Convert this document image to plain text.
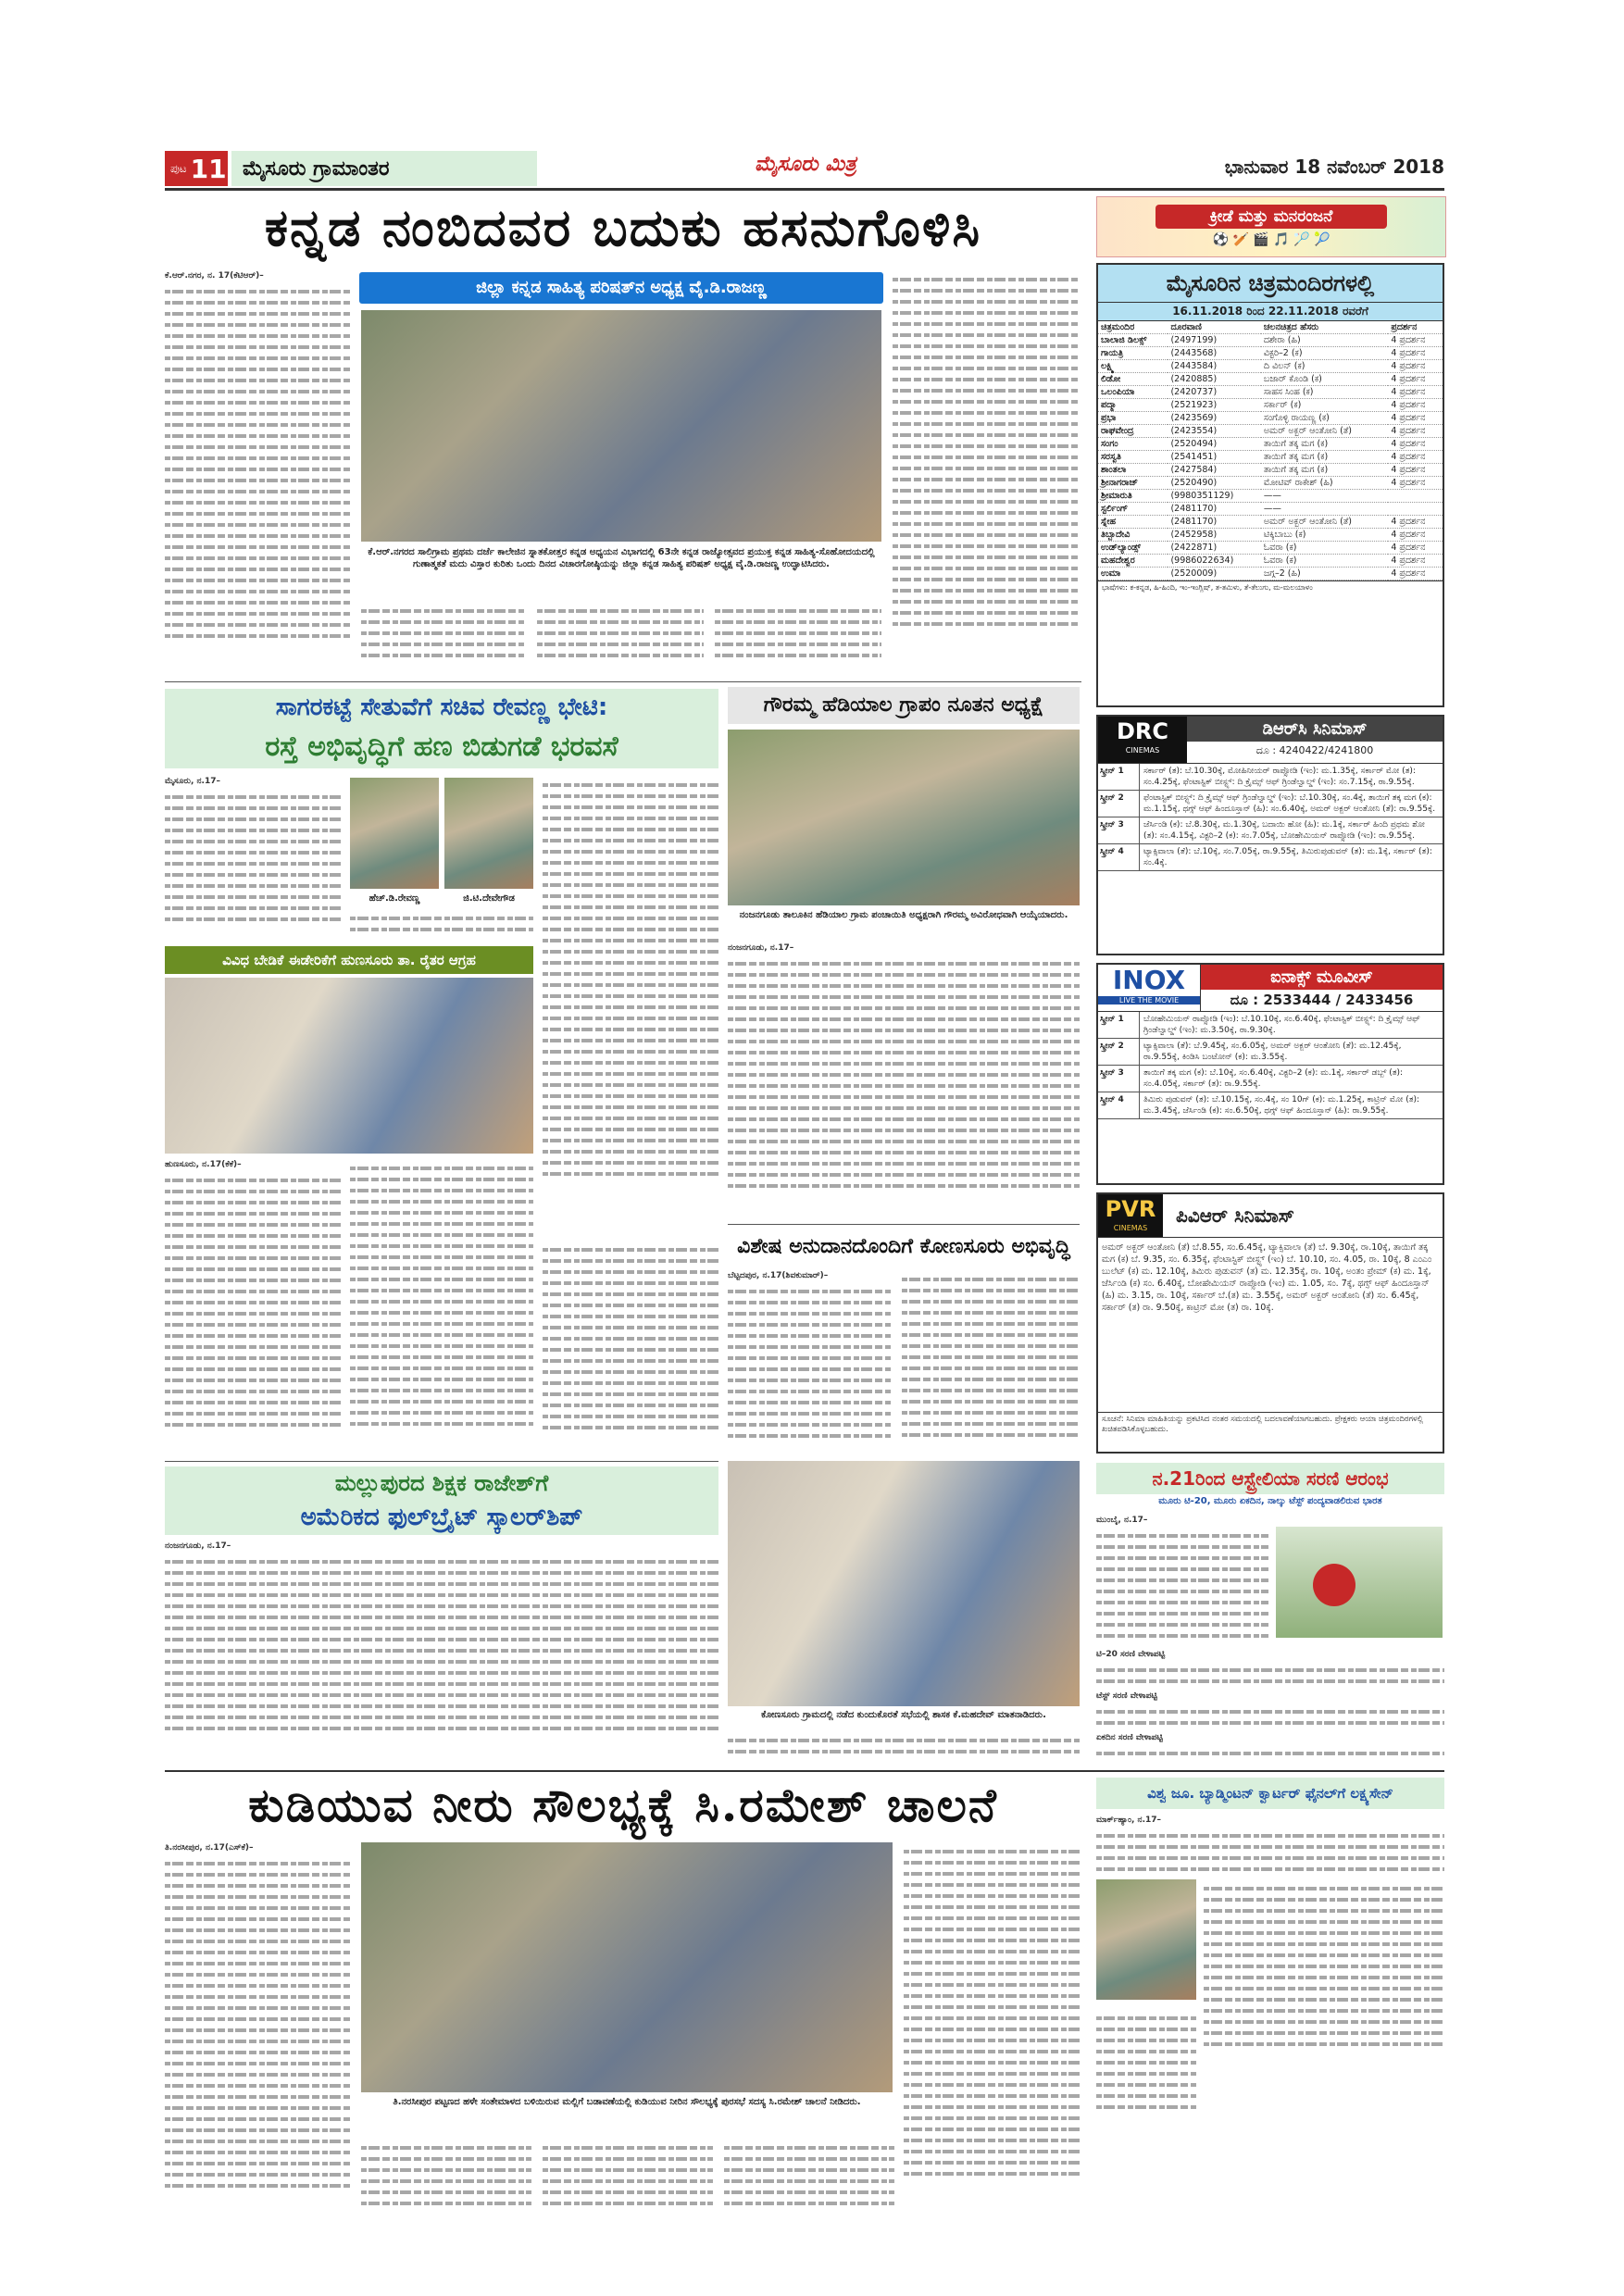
ಪುಟ 11 ಮೈಸೂರು ಗ್ರಾಮಾಂತರ	ಮೈಸೂರು ಮಿತ್ರ	ಭಾನುವಾರ 18 ನವೆಂಬರ್ 2018
ಕನ್ನಡ ನಂಬಿದವರ ಬದುಕು ಹಸನುಗೊಳಿಸಿ	ಕ್ರೀಡೆ ಮತ್ತು ಮನರಂಜನೆ
⚽ 🏏 🎬 🎵 🏸 🎾
ಕೆ.ಆರ್.ನಗರ, ನ. 17(ಕೆಟಿಆರ್)–
ಜಿಲ್ಲಾ ಕನ್ನಡ ಸಾಹಿತ್ಯ ಪರಿಷತ್‌ನ ಅಧ್ಯಕ್ಷ ವೈ.ಡಿ.ರಾಜಣ್ಣ
ಕೆ.ಆರ್.ನಗರದ ಸಾಲಿಗ್ರಾಮ ಪ್ರಥಮ ದರ್ಜೆ ಕಾಲೇಜಿನ ಸ್ನಾತಕೋತ್ತರ ಕನ್ನಡ ಅಧ್ಯಯನ ವಿಭಾಗದಲ್ಲಿ 63ನೇ ಕನ್ನಡ ರಾಜ್ಯೋತ್ಸವದ ಪ್ರಯುಕ್ತ ಕನ್ನಡ ಸಾಹಿತ್ಯ-ಸೊಹೋದಯದಲ್ಲಿ ಗುಣಾತ್ಮಕತೆ ಮದು ವಿಸ್ತಾರ ಕುರಿತು ಒಂದು ದಿನದ ವಿಚಾರಗೋಷ್ಠಿಯನ್ನು ಜಿಲ್ಲಾ ಕನ್ನಡ ಸಾಹಿತ್ಯ ಪರಿಷತ್ ಅಧ್ಯಕ್ಷ ವೈ.ಡಿ.ರಾಜಣ್ಣ ಉದ್ಘಾಟಿಸಿದರು.
ಸಾಗರಕಟ್ಟೆ ಸೇತುವೆಗೆ ಸಚಿವ ರೇವಣ್ಣ ಭೇಟಿ:
ರಸ್ತೆ ಅಭಿವೃದ್ಧಿಗೆ ಹಣ ಬಿಡುಗಡೆ ಭರವಸೆ
ಮೈಸೂರು, ನ.17–
ಹೆಚ್.ಡಿ.ರೇವಣ್ಣ	ಜಿ.ಟಿ.ದೇವೇಗೌಡ
ವಿವಿಧ ಬೇಡಿಕೆ ಈಡೇರಿಕೆಗೆ ಹುಣಸೂರು ತಾ. ರೈತರ ಆಗ್ರಹ
ಹುಣಸೂರು, ನ.17(ಕೆಕೆ)–
ಗೌರಮ್ಮ ಹೆಡಿಯಾಲ ಗ್ರಾಪಂ ನೂತನ ಅಧ್ಯಕ್ಷೆ
ನಂಜನಗೂಡು ತಾಲೂಕಿನ ಹೆಡಿಯಾಲ ಗ್ರಾಮ ಪಂಚಾಯಿತಿ ಅಧ್ಯಕ್ಷರಾಗಿ ಗೌರಮ್ಮ ಅವಿರೋಧವಾಗಿ ಆಯ್ಕೆಯಾದರು.
ನಂಜನಗೂಡು, ನ.17–
ವಿಶೇಷ ಅನುದಾನದೊಂದಿಗೆ ಕೋಣಸೂರು ಅಭಿವೃದ್ಧಿ
ಬೆಟ್ಟದಪುರ, ನ.17(ಶಿವಕುಮಾರ್)–
ಕೋಣಸೂರು ಗ್ರಾಮದಲ್ಲಿ ನಡೆದ ಕುಂದುಕೊರತೆ ಸಭೆಯಲ್ಲಿ ಶಾಸಕ ಕೆ.ಮಹದೇವ್ ಮಾತನಾಡಿದರು.
ಮಲ್ಲುಪುರದ ಶಿಕ್ಷಕ ರಾಜೇಶ್‌ಗೆ
ಅಮೆರಿಕದ ಫುಲ್‌ಬ್ರೈಟ್ ಸ್ಕಾಲರ್‌ಶಿಪ್
ನಂಜನಗೂಡು, ನ.17–
ಕುಡಿಯುವ ನೀರು ಸೌಲಭ್ಯಕ್ಕೆ ಸಿ.ರಮೇಶ್ ಚಾಲನೆ
ತಿ.ನರಸೀಪುರ, ನ.17(ಎಸ್‌ಕೆ)–
ತಿ.ನರಸೀಪುರ ಪಟ್ಟಣದ ಹಳೇ ಸಂತೇಮಾಳದ ಬಳಿಯಿರುವ ಮಲ್ಲಿಗೆ ಬಡಾವಣೆಯಲ್ಲಿ ಕುಡಿಯುವ ನೀರಿನ ಸೌಲಭ್ಯಕ್ಕೆ ಪುರಸಭೆ ಸದಸ್ಯ ಸಿ.ರಮೇಶ್ ಚಾಲನೆ ನೀಡಿದರು.
ಮೈಸೂರಿನ ಚಿತ್ರಮಂದಿರಗಳಲ್ಲಿ
16.11.2018 ರಿಂದ 22.11.2018 ರವರೆಗೆ
ಚಿತ್ರಮಂದಿರ	ದೂರವಾಣಿ	ಚಲನಚಿತ್ರದ ಹೆಸರು	ಪ್ರದರ್ಶನ
ಬಾಲಾಜಿ ಡಿಲಕ್ಸ್	(2497199)	ದಶೇರಾ (ಹಿ)	4 ಪ್ರದರ್ಶನ
ಗಾಯತ್ರಿ	(2443568)	ವಿಕ್ಟರಿ–2 (ಕ)	4 ಪ್ರದರ್ಶನ
ಲಕ್ಷ್ಮಿ	(2443584)	ದಿ ವಿಲನ್ (ಕ)	4 ಪ್ರದರ್ಶನ
ಲಿಡೋ	(2420885)	ಬಜಾರ್ ಕೊಂಡಿ (ಕ)	4 ಪ್ರದರ್ಶನ
ಒಲಂಪಿಯಾ	(2420737)	ಸಾಹಸ ಸಿಂಹ (ಕ)	4 ಪ್ರದರ್ಶನ
ಪದ್ಮಾ	(2521923)	ಸರ್ಕಾರ್ (ಕ)	4 ಪ್ರದರ್ಶನ
ಪ್ರಭಾ	(2423569)	ಸಂಗೊಳ್ಳಿ ರಾಯಣ್ಣ (ಕ)	4 ಪ್ರದರ್ಶನ
ರಾಘವೇಂದ್ರ	(2423554)	ಅಮರ್ ಅಕ್ಬರ್ ಆಂತೋನಿ (ತೆ)	4 ಪ್ರದರ್ಶನ
ಸಂಗಂ	(2520494)	ತಾಯಿಗೆ ತಕ್ಕ ಮಗ (ಕ)	4 ಪ್ರದರ್ಶನ
ಸರಸ್ವತಿ	(2541451)	ತಾಯಿಗೆ ತಕ್ಕ ಮಗ (ಕ)	4 ಪ್ರದರ್ಶನ
ಶಾಂತಲಾ	(2427584)	ತಾಯಿಗೆ ತಕ್ಕ ಮಗ (ಕ)	4 ಪ್ರದರ್ಶನ
ಶ್ರೀನಾಗರಾಜ್	(2520490)	ಮೋಟಿವ್ ರಾಕೇಶ್ (ಹಿ)	4 ಪ್ರದರ್ಶನ
ಶ್ರೀಮಾರುತಿ	(9980351129)	——	
ಸ್ಟರ್ಲಿಂಗ್	(2481170)	——	
ಸ್ನೇಹ	(2481170)	ಅಮರ್ ಅಕ್ಬರ್ ಆಂತೋನಿ (ತೆ)	4 ಪ್ರದರ್ಶನ
ತಿಬ್ಬಾದೇವಿ	(2452958)	ಟಿಕ್ಕಿಬಾಬು (ಕ)	4 ಪ್ರದರ್ಶನ
ಉಡ್‌ಲ್ಯಾಂಡ್ಸ್	(2422871)	ಓವರಾ (ಕ)	4 ಪ್ರದರ್ಶನ
ಮಹದೇಶ್ವರ	(9986022634)	ಓವರಾ (ಕ)	4 ಪ್ರದರ್ಶನ
ಉಮಾ	(2520009)	ಜಗ್ಗ–2 (ಹಿ)	4 ಪ್ರದರ್ಶನ
ಭಾಷೆಗಳು: ಕ-ಕನ್ನಡ, ಹಿ-ಹಿಂದಿ, ಇಂ-ಇಂಗ್ಲಿಷ್, ತ-ತಮಿಳು, ತೆ-ತೆಲುಗು, ಮ-ಮಲಯಾಳಂ
DRC
CINEMAS
ಡಿಆರ್‌ಸಿ ಸಿನಿಮಾಸ್
ದೂ : 4240422/4241800
ಸ್ಕ್ರೀನ್ 1	ಸರ್ಕಾರ್ (ತ): ಬೆ.10.30ಕ್ಕೆ, ಮೋಹಿನೀಯರ್ ರಾಪ್ಸೋಡಿ (ಇಂ): ಮ.1.35ಕ್ಕೆ, ಸರ್ಕಾರ್ ಮೋ (ತ): ಸಂ.4.25ಕ್ಕೆ, ಫೆಂಟಾಸ್ಟಿಕ್ ಬೀಸ್ಟ್ಸ್: ದಿ ಕ್ರೈಮ್ಸ್ ಆಫ್ ಗ್ರಿಂಡೆಲ್ವಾಲ್ಡ್ (ಇಂ): ಸಂ.7.15ಕ್ಕೆ, ರಾ.9.55ಕ್ಕೆ.
ಸ್ಕ್ರೀನ್ 2	ಫೆಂಟಾಸ್ಟಿಕ್ ಬೀಸ್ಟ್ಸ್: ದಿ ಕ್ರೈಮ್ಸ್ ಆಫ್ ಗ್ರಿಂಡೆಲ್ವಾಲ್ಡ್ (ಇಂ): ಬೆ.10.30ಕ್ಕೆ, ಸಂ.4ಕ್ಕೆ, ತಾಯಿಗೆ ತಕ್ಕ ಮಗ (ಕ): ಮ.1.15ಕ್ಕೆ, ಥಗ್ಸ್ ಆಫ್ ಹಿಂದೂಸ್ತಾನ್ (ಹಿ): ಸಂ.6.40ಕ್ಕೆ, ಅಮರ್ ಅಕ್ಬರ್ ಆಂತೋನಿ (ತೆ): ರಾ.9.55ಕ್ಕೆ.
ಸ್ಕ್ರೀನ್ 3	ಜೆರ್ಸಿಂಡಿ (ಕ): ಬೆ.8.30ಕ್ಕೆ, ಮ.1.30ಕ್ಕೆ, ಬದಾಯಿ ಹೋ (ಹಿ): ಮ.1ಕ್ಕೆ, ಸರ್ಕಾರ್ ಹಿಂದಿ ಪ್ರಥಮ ಶೋ (ತ): ಸಂ.4.15ಕ್ಕೆ, ವಿಕ್ಟರಿ–2 (ಕ): ಸಂ.7.05ಕ್ಕೆ, ಬೋಹೇಮಿಯನ್ ರಾಪ್ಸೋಡಿ (ಇಂ): ರಾ.9.55ಕ್ಕೆ.
ಸ್ಕ್ರೀನ್ 4	ಟ್ಯಾಕ್ಸಿವಾಲಾ (ತೆ): ಬೆ.10ಕ್ಕೆ, ಸಂ.7.05ಕ್ಕೆ, ರಾ.9.55ಕ್ಕೆ, ತಿಮಿರುಪುಡುವನ್ (ತ): ಮ.1ಕ್ಕೆ, ಸರ್ಕಾರ್ (ತ): ಸಂ.4ಕ್ಕೆ.
INOX
LIVE THE MOVIE
ಐನಾಕ್ಸ್ ಮೂವೀಸ್
ದೂ : 2533444 / 2433456
ಸ್ಕ್ರೀನ್ 1	ಬೋಹೇಮಿಯನ್ ರಾಪ್ಸೋಡಿ (ಇಂ): ಬೆ.10.10ಕ್ಕೆ, ಸಂ.6.40ಕ್ಕೆ, ಫೆಂಟಾಸ್ಟಿಕ್ ಬೀಸ್ಟ್ಸ್: ದಿ ಕ್ರೈಮ್ಸ್ ಆಫ್ ಗ್ರಿಂಡೆಲ್ವಾಲ್ಡ್ (ಇಂ): ಮ.3.50ಕ್ಕೆ, ರಾ.9.30ಕ್ಕೆ.
ಸ್ಕ್ರೀನ್ 2	ಟ್ಯಾಕ್ಸಿವಾಲಾ (ತೆ): ಬೆ.9.45ಕ್ಕೆ, ಸಂ.6.05ಕ್ಕೆ, ಅಮರ್ ಅಕ್ಬರ್ ಆಂತೋನಿ (ತೆ): ಮ.12.45ಕ್ಕೆ, ರಾ.9.55ಕ್ಕೆ, ಕಿಂಡಿಸಿ ಬಂಟೋನ್ (ಕ): ಮ.3.55ಕ್ಕೆ.
ಸ್ಕ್ರೀನ್ 3	ತಾಯಿಗೆ ತಕ್ಕ ಮಗ (ಕ): ಬೆ.10ಕ್ಕೆ, ಸಂ.6.40ಕ್ಕೆ, ವಿಕ್ಟರಿ–2 (ಕ): ಮ.1ಕ್ಕೆ, ಸರ್ಕಾರ್ ಡಬ್ಬ್ (ತ): ಸಂ.4.05ಕ್ಕೆ, ಸರ್ಕಾರ್ (ತ): ರಾ.9.55ಕ್ಕೆ.
ಸ್ಕ್ರೀನ್ 4	ತಿಮಿರು ಪುಡುವನ್ (ತ): ಬೆ.10.15ಕ್ಕೆ, ಸಂ.4ಕ್ಕೆ, ಸಂ 10ಗ್ (ಕ): ಮ.1.25ಕ್ಕೆ, ಕಾಟ್ರಿನ್ ಮೋ (ತ): ಮ.3.45ಕ್ಕೆ, ಜೆರ್ಸಿಂಡಿ (ಕ): ಸಂ.6.50ಕ್ಕೆ, ಥಗ್ಸ್ ಆಫ್ ಹಿಂದೂಸ್ತಾನ್ (ಹಿ): ರಾ.9.55ಕ್ಕೆ.
PVR
CINEMAS
ಪಿವಿಆರ್ ಸಿನಿಮಾಸ್
ಅಮರ್ ಅಕ್ಬರ್ ಆಂತೋನಿ (ತೆ) ಬೆ.8.55, ಸಂ.6.45ಕ್ಕೆ, ಟ್ಯಾಕ್ಸಿವಾಲಾ (ತೆ) ಬೆ. 9.30ಕ್ಕೆ, ರಾ.10ಕ್ಕೆ, ತಾಯಿಗೆ ತಕ್ಕ ಮಗ (ಕ) ಬೆ. 9.35, ಸಂ. 6.35ಕ್ಕೆ, ಫೆಂಟಾಸ್ಟಿಕ್ ಬೀಸ್ಟ್ಸ್ (ಇಂ) ಬೆ. 10.10, ಸಂ. 4.05, ರಾ. 10ಕ್ಕೆ, 8 ಎಂಎಂ ಬುಲೆಟ್ (ಕ) ಮ. 12.10ಕ್ಕೆ, ತಿಮಿರು ಪುಡುವನ್ (ತ) ಮ. 12.35ಕ್ಕೆ, ರಾ. 10ಕ್ಕೆ, ಅಂತಂ ಪ್ರೇಮ್ (ಕ) ಮ. 1ಕ್ಕೆ, ಜೆರ್ಸಿಂಡಿ (ಕ) ಸಂ. 6.40ಕ್ಕೆ, ಬೋಹೇಮಿಯನ್ ರಾಪ್ಸೋಡಿ (ಇಂ) ಮ. 1.05, ಸಂ. 7ಕ್ಕೆ, ಥಗ್ಸ್ ಆಫ್ ಹಿಂದೂಸ್ತಾನ್ (ಹಿ) ಮ. 3.15, ರಾ. 10ಕ್ಕೆ, ಸರ್ಕಾರ್ ಬೆ.(ತ) ಮ. 3.55ಕ್ಕೆ, ಅಮರ್ ಅಕ್ಬರ್ ಆಂತೋನಿ (ತೆ) ಸಂ. 6.45ಕ್ಕೆ, ಸರ್ಕಾರ್ (ತ) ರಾ. 9.50ಕ್ಕೆ, ಕಾಟ್ರಿನ್ ಮೋ (ತ) ರಾ. 10ಕ್ಕೆ.
ಸೂಚನೆ: ಸಿನಿಮಾ ಮಾಹಿತಿಯನ್ನು ಪ್ರಕಟಿಸಿದ ನಂತರ ಸಮಯದಲ್ಲಿ ಬದಲಾವಣೆಯಾಗಬಹುದು. ಪ್ರೇಕ್ಷಕರು ಆಯಾ ಚಿತ್ರಮಂದಿರಗಳಲ್ಲಿ ಖಚಿತಪಡಿಸಿಕೊಳ್ಳಬಹುದು.
ನ.21ರಿಂದ ಆಸ್ಟ್ರೇಲಿಯಾ ಸರಣಿ ಆರಂಭ
ಮೂರು ಟಿ-20, ಮೂರು ಏಕದಿನ, ನಾಲ್ಕು ಟೆಸ್ಟ್ ಪಂದ್ಯವಾಡಲಿರುವ ಭಾರತ
ಮುಂಬೈ, ನ.17–
ಟಿ–20 ಸರಣಿ ವೇಳಾಪಟ್ಟಿ
ಟೆಸ್ಟ್ ಸರಣಿ ವೇಳಾಪಟ್ಟಿ
ಏಕದಿನ ಸರಣಿ ವೇಳಾಪಟ್ಟಿ
ವಿಶ್ವ ಜೂ. ಬ್ಯಾಡ್ಮಿಂಟನ್ ಕ್ವಾರ್ಟರ್ ಫೈನಲ್‌ಗೆ ಲಕ್ಷ್ಯಸೇನ್
ಮಾರ್ಕ್‌ಹ್ಯಾಂ, ನ.17–
